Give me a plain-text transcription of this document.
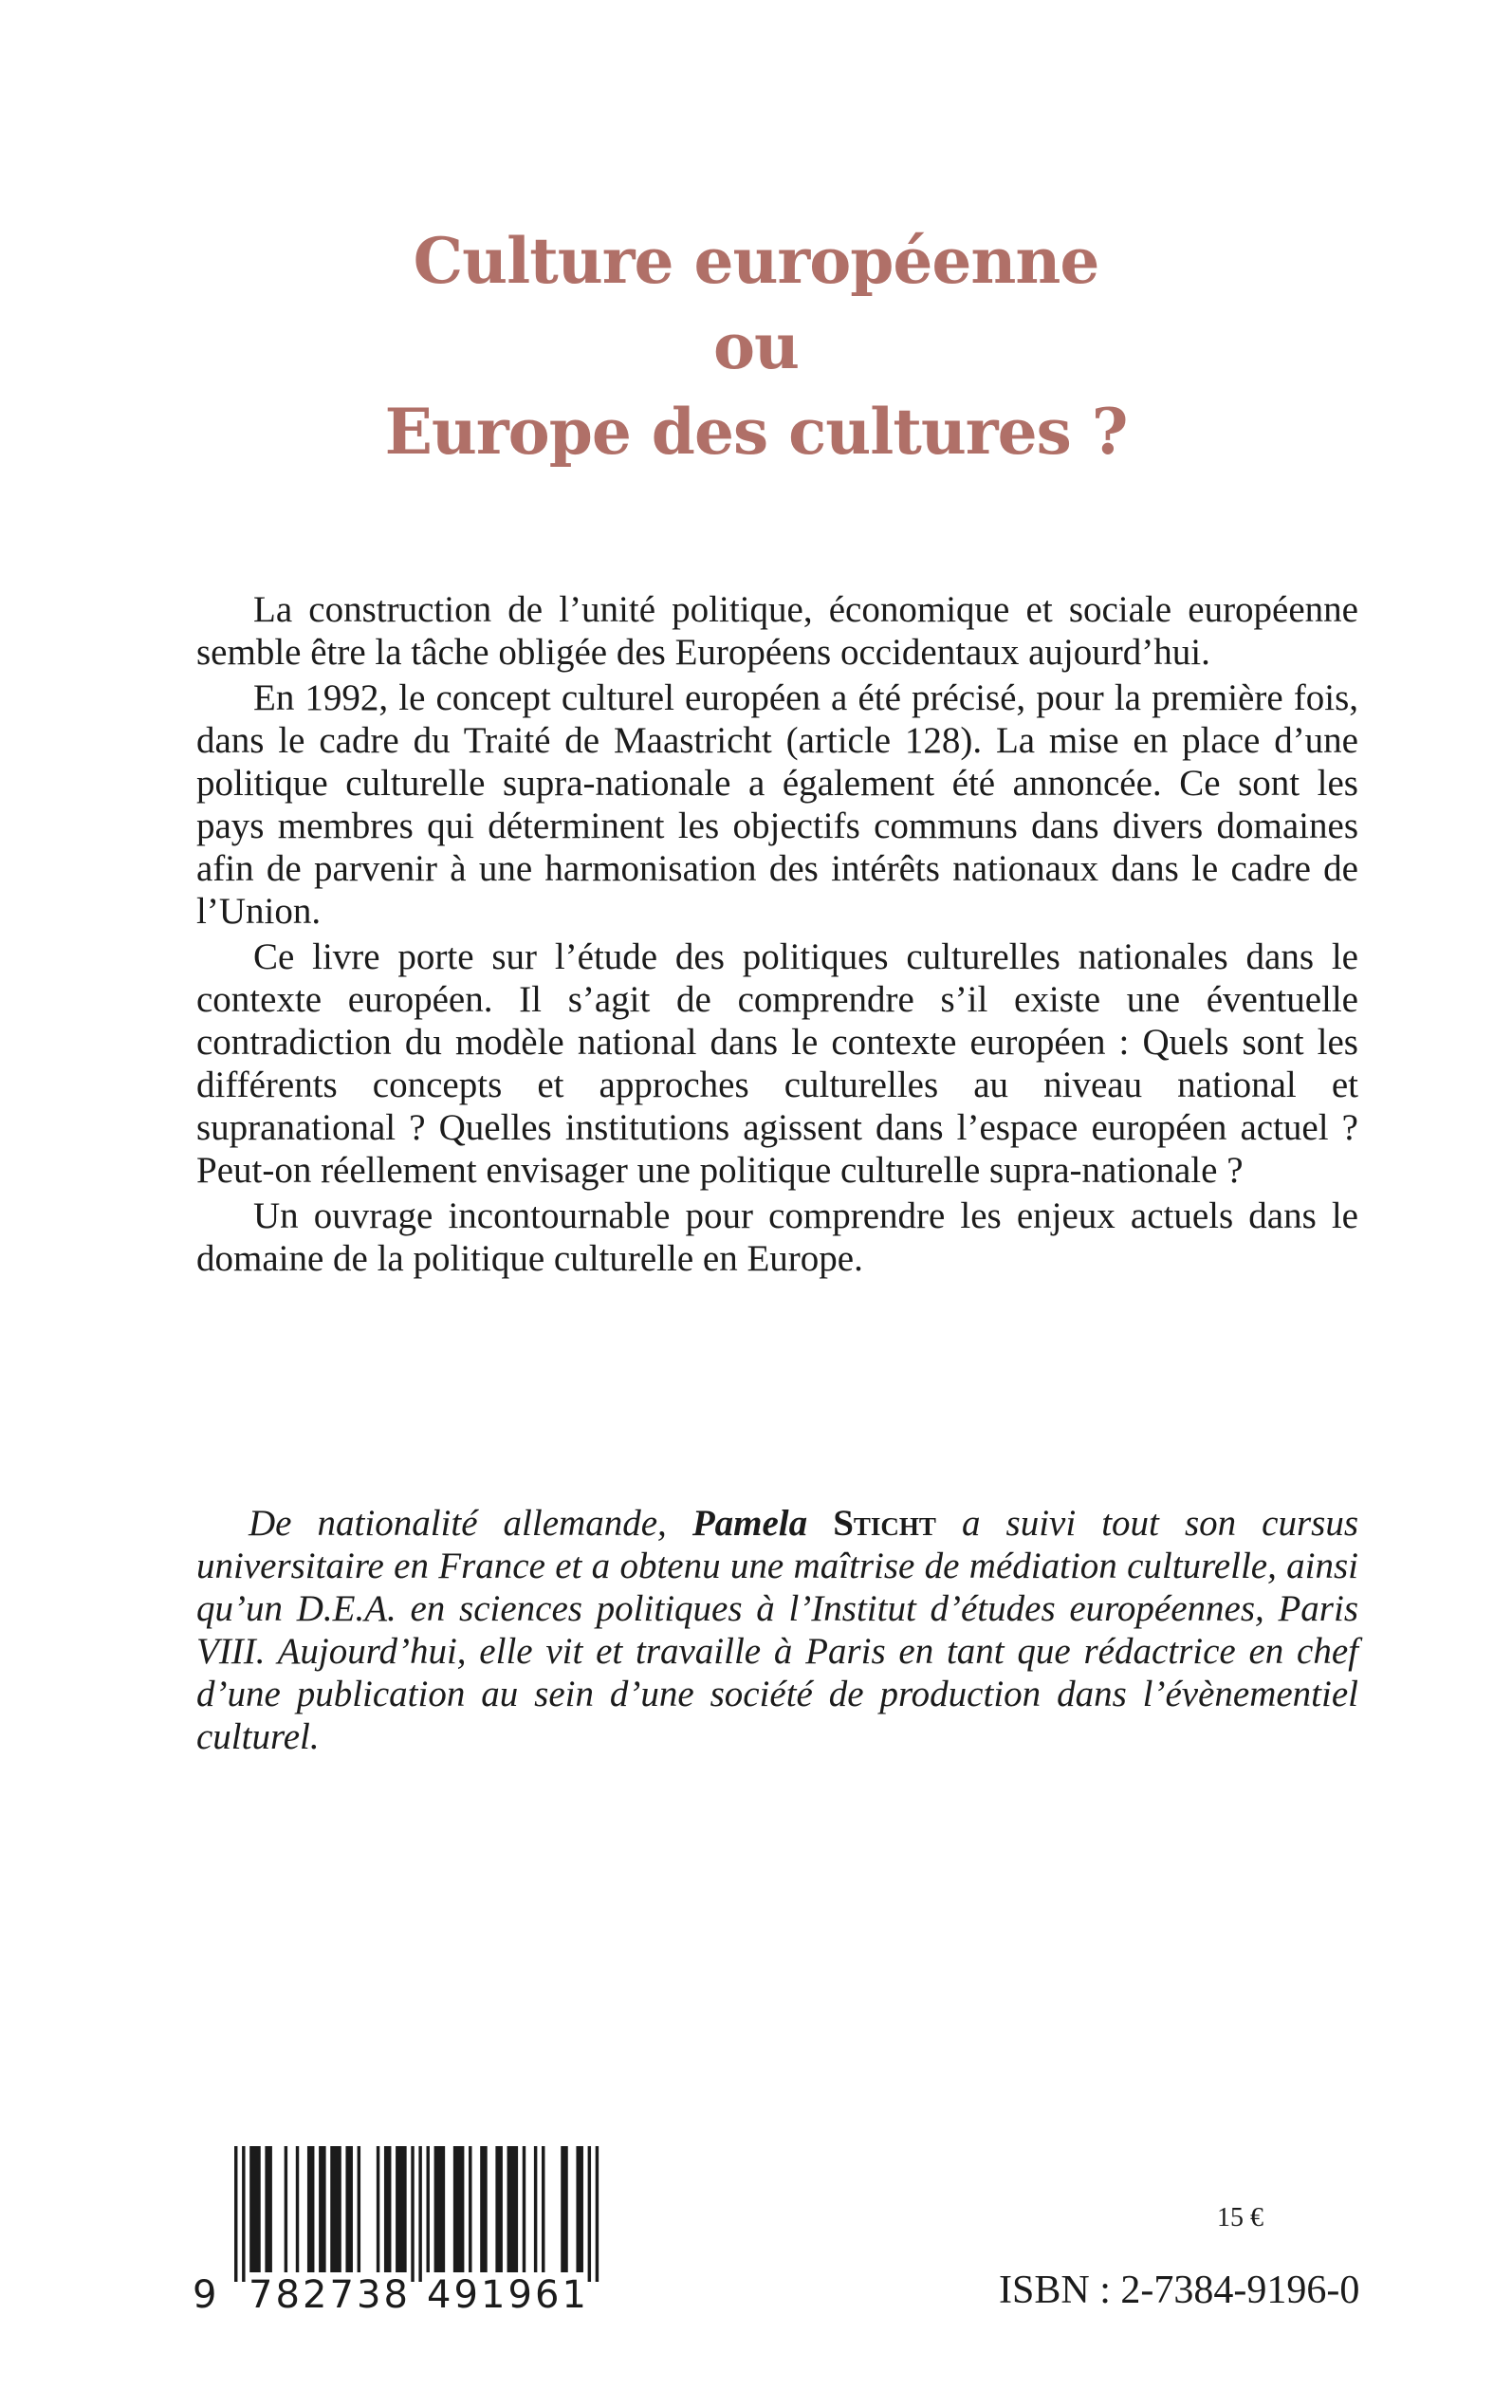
Culture européenne
ou
Europe des cultures ?

La construction de l’unité politique, économique et sociale européenne semble être la tâche obligée des Européens occidentaux aujourd’hui.

En 1992, le concept culturel européen a été précisé, pour la première fois, dans le cadre du Traité de Maastricht (article 128). La mise en place d’une politique culturelle supra-nationale a également été annoncée. Ce sont les pays membres qui déterminent les objectifs communs dans divers domaines afin de parvenir à une harmonisation des intérêts nationaux dans le cadre de l’Union.

Ce livre porte sur l’étude des politiques culturelles nationales dans le contexte européen. Il s’agit de comprendre s’il existe une éventuelle contradiction du modèle national dans le contexte européen : Quels sont les différents concepts et approches culturelles au niveau national et supranational ? Quelles institutions agissent dans l’espace européen actuel ? Peut-on réellement envisager une politique culturelle supra-nationale ?

Un ouvrage incontournable pour comprendre les enjeux actuels dans le domaine de la politique culturelle en Europe.

De nationalité allemande, Pamela Sticht a suivi tout son cursus universitaire en France et a obtenu une maîtrise de médiation culturelle, ainsi qu’un D.E.A. en sciences politiques à l’Institut d’études européennes, Paris VIII. Aujourd’hui, elle vit et travaille à Paris en tant que rédactrice en chef d’une publication au sein d’une société de production dans l’évènementiel culturel.

9 782738 491961
15 €
ISBN : 2-7384-9196-0
